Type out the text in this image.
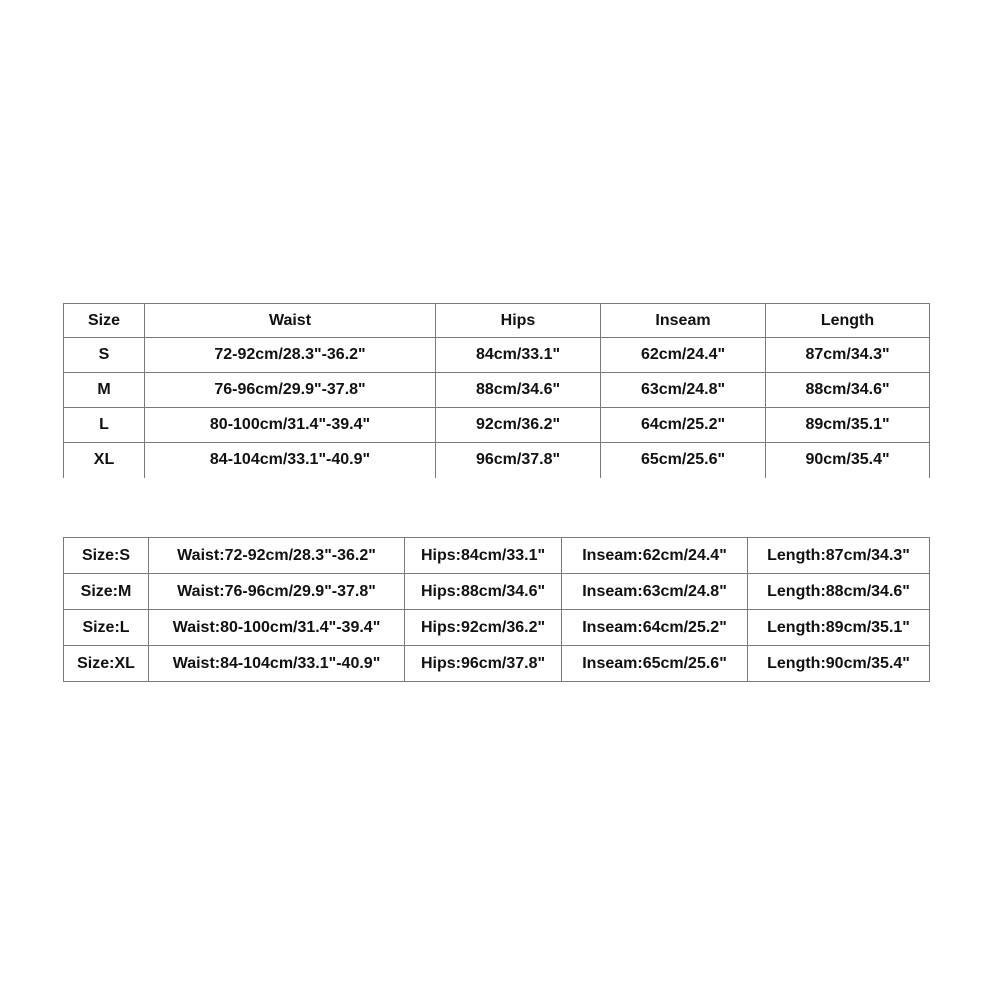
Size	Waist	Hips	Inseam	Length
S	72-92cm/28.3"-36.2"	84cm/33.1"	62cm/24.4"	87cm/34.3"
M	76-96cm/29.9"-37.8"	88cm/34.6"	63cm/24.8"	88cm/34.6"
L	80-100cm/31.4"-39.4"	92cm/36.2"	64cm/25.2"	89cm/35.1"
XL	84-104cm/33.1"-40.9"	96cm/37.8"	65cm/25.6"	90cm/35.4"
Size:S	Waist:72-92cm/28.3"-36.2"	Hips:84cm/33.1"	Inseam:62cm/24.4"	Length:87cm/34.3"
Size:M	Waist:76-96cm/29.9"-37.8"	Hips:88cm/34.6"	Inseam:63cm/24.8"	Length:88cm/34.6"
Size:L	Waist:80-100cm/31.4"-39.4"	Hips:92cm/36.2"	Inseam:64cm/25.2"	Length:89cm/35.1"
Size:XL	Waist:84-104cm/33.1"-40.9"	Hips:96cm/37.8"	Inseam:65cm/25.6"	Length:90cm/35.4"
